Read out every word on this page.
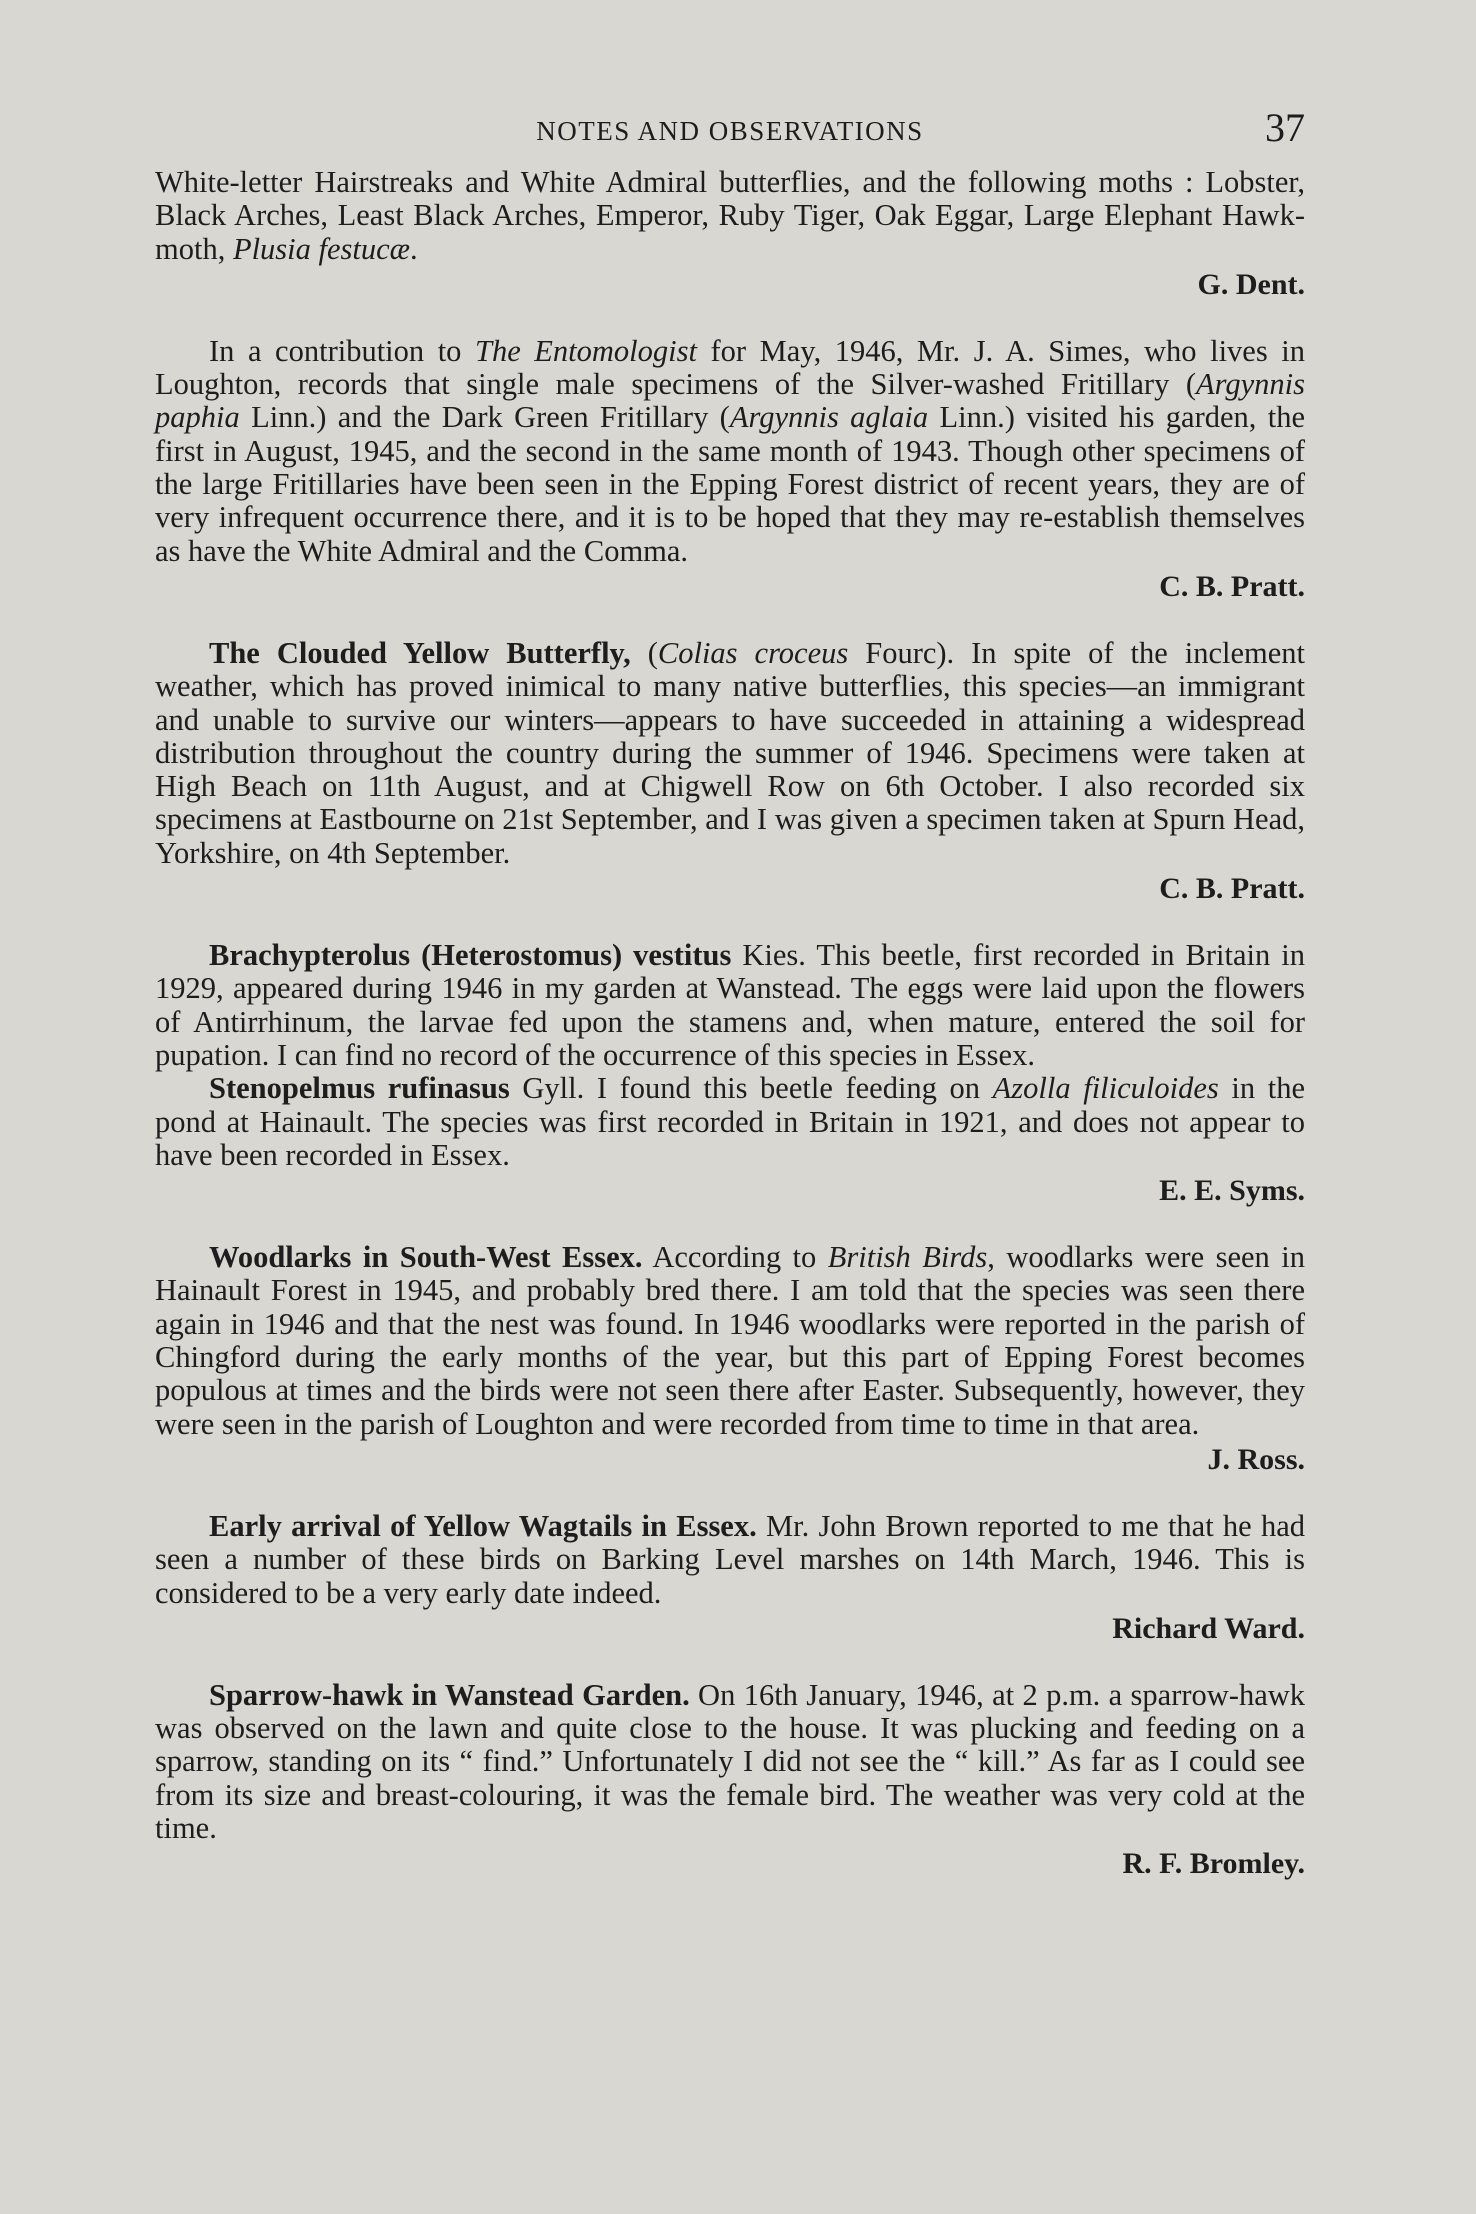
NOTES AND OBSERVATIONS	37

White-letter Hairstreaks and White Admiral butterflies, and the following moths : Lobster, Black Arches, Least Black Arches, Emperor, Ruby Tiger, Oak Eggar, Large Elephant Hawk-moth, Plusia festucæ.

G. Dent.

In a contribution to The Entomologist for May, 1946, Mr. J. A. Simes, who lives in Loughton, records that single male specimens of the Silver-washed Fritillary (Argynnis paphia Linn.) and the Dark Green Fritillary (Argynnis aglaia Linn.) visited his garden, the first in August, 1945, and the second in the same month of 1943. Though other specimens of the large Fritillaries have been seen in the Epping Forest district of recent years, they are of very infrequent occurrence there, and it is to be hoped that they may re-establish themselves as have the White Admiral and the Comma.

C. B. Pratt.

The Clouded Yellow Butterfly, (Colias croceus Fourc). In spite of the inclement weather, which has proved inimical to many native butterflies, this species—an immigrant and unable to survive our winters—appears to have succeeded in attaining a widespread distribution throughout the country during the summer of 1946. Specimens were taken at High Beach on 11th August, and at Chigwell Row on 6th October. I also recorded six specimens at Eastbourne on 21st September, and I was given a specimen taken at Spurn Head, Yorkshire, on 4th September.

C. B. Pratt.

Brachypterolus (Heterostomus) vestitus Kies. This beetle, first recorded in Britain in 1929, appeared during 1946 in my garden at Wanstead. The eggs were laid upon the flowers of Antirrhinum, the larvae fed upon the stamens and, when mature, entered the soil for pupation. I can find no record of the occurrence of this species in Essex.

Stenopelmus rufinasus Gyll. I found this beetle feeding on Azolla filiculoides in the pond at Hainault. The species was first recorded in Britain in 1921, and does not appear to have been recorded in Essex.

E. E. Syms.

Woodlarks in South-West Essex. According to British Birds, woodlarks were seen in Hainault Forest in 1945, and probably bred there. I am told that the species was seen there again in 1946 and that the nest was found. In 1946 woodlarks were reported in the parish of Chingford during the early months of the year, but this part of Epping Forest becomes populous at times and the birds were not seen there after Easter. Subsequently, however, they were seen in the parish of Loughton and were recorded from time to time in that area.

J. Ross.

Early arrival of Yellow Wagtails in Essex. Mr. John Brown reported to me that he had seen a number of these birds on Barking Level marshes on 14th March, 1946. This is considered to be a very early date indeed.

Richard Ward.

Sparrow-hawk in Wanstead Garden. On 16th January, 1946, at 2 p.m. a sparrow-hawk was observed on the lawn and quite close to the house. It was plucking and feeding on a sparrow, standing on its “ find.” Unfortunately I did not see the “ kill.” As far as I could see from its size and breast-colouring, it was the female bird. The weather was very cold at the time.

R. F. Bromley.
